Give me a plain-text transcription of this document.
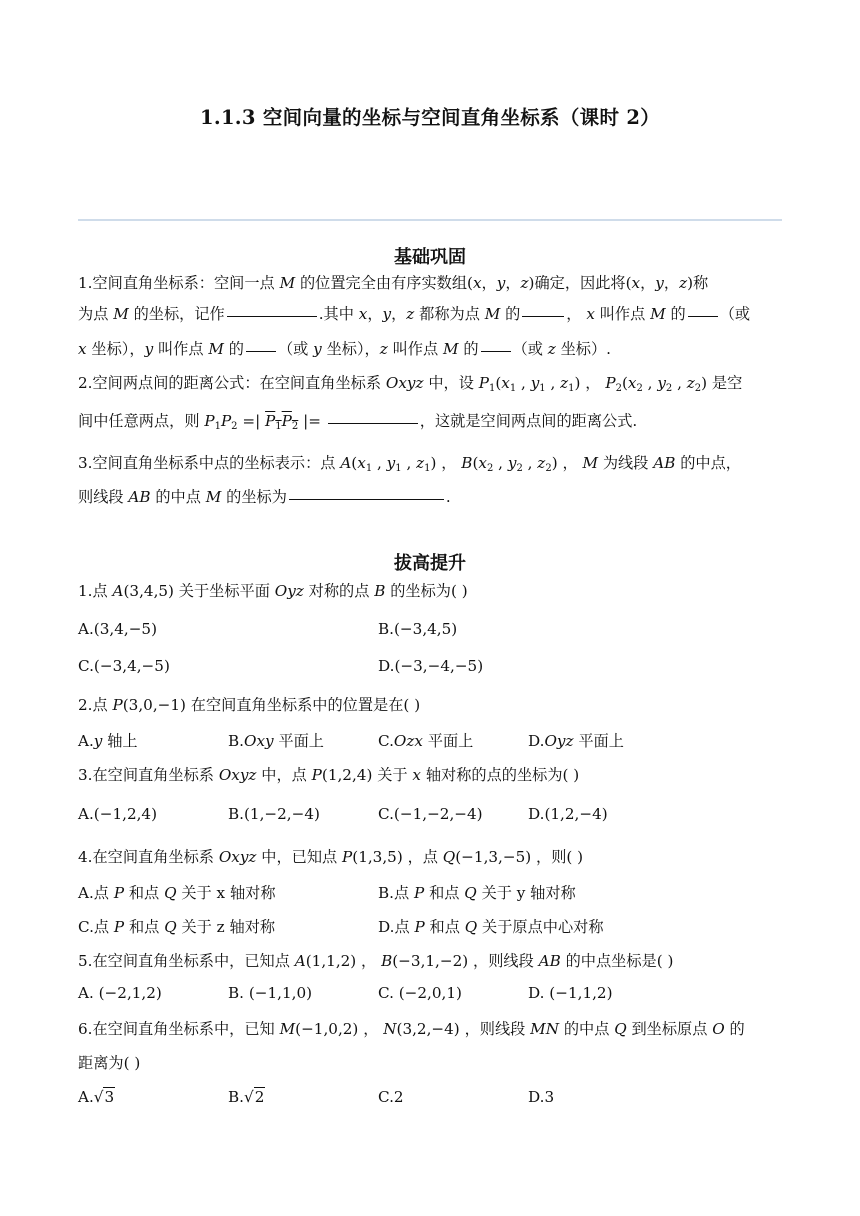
1.1.3 空间向量的坐标与空间直角坐标系（课时 2）
基础巩固
1.空间直角坐标系：空间一点 M 的位置完全由有序实数组(x，y，z)确定，因此将(x，y，z)称
为点 M 的坐标，记作	.其中 x，y，z 都称为点 M 的	， x 叫作点 M 的 （或
x 坐标），y 叫作点 M 的 （或 y 坐标），z 叫作点 M 的 （或 z 坐标）.
2.空间两点间的距离公式：在空间直角坐标系 Oxyz 中，设 $P_1(x_1$ , $y_1$ , $z_1$) ， $P_2(x_2$ , $y_2$ , $z_2$) 是空
间中任意两点，则 $P_1P_2$ =| $P_1P_2$ |=	，这就是空间两点间的距离公式.
3.空间直角坐标系中点的坐标表示：点 $A(x_1$ , $y_1$ , $z_1$) ， $B(x_2$ , $y_2$ , $z_2$) ， M 为线段 AB 的中点，
则线段 AB 的中点 M 的坐标为	.
拔高提升
1.点 A(3,4,5) 关于坐标平面 Oyz 对称的点 B 的坐标为( )
A.(3,4,−5)	B.(−3,4,5)
C.(−3,4,−5)	D.(−3,−4,−5)
2.点 P(3,0,−1) 在空间直角坐标系中的位置是在( )
A.y 轴上	B.Oxy 平面上	C.Ozx 平面上	D.Oyz 平面上
3.在空间直角坐标系 Oxyz 中，点 P(1,2,4) 关于 x 轴对称的点的坐标为( )
A.(−1,2,4)	B.(1,−2,−4)	C.(−1,−2,−4)	D.(1,2,−4)
4.在空间直角坐标系 Oxyz 中，已知点 P(1,3,5) ，点 Q(−1,3,−5) ，则( )
A.点 P 和点 Q 关于 x 轴对称	B.点 P 和点 Q 关于 y 轴对称
C.点 P 和点 Q 关于 z 轴对称	D.点 P 和点 Q 关于原点中心对称
5.在空间直角坐标系中，已知点 A(1,1,2) ， B(−3,1,−2) ，则线段 AB 的中点坐标是( )
A. (−2,1,2)	B. (−1,1,0)	C. (−2,0,1)	D. (−1,1,2)
6.在空间直角坐标系中，已知 M(−1,0,2) ， N(3,2,−4) ，则线段 MN 的中点 Q 到坐标原点 O 的
距离为( )
A.√3	B.√2	C.2	D.3
